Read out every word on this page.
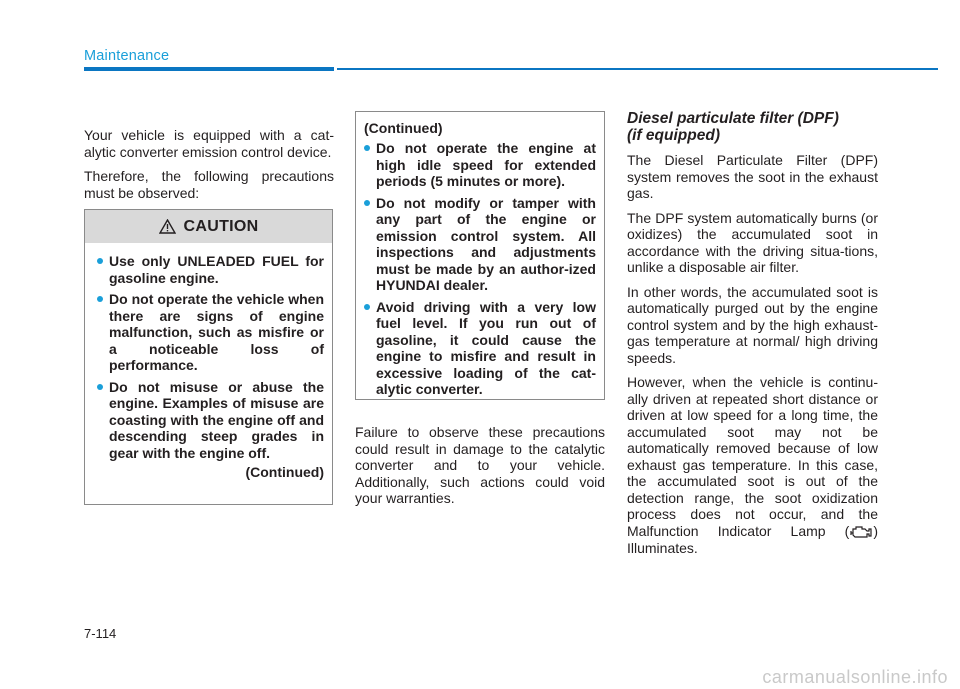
Maintenance

Your vehicle is equipped with a cat-alytic converter emission control device.

Therefore, the following precautions must be observed:

CAUTION
Use only UNLEADED FUEL for gasoline engine.
Do not operate the vehicle when there are signs of engine malfunction, such as misfire or a noticeable loss of performance.
Do not misuse or abuse the engine. Examples of misuse are coasting with the engine off and descending steep grades in gear with the engine off.
(Continued)
(Continued)
Do not operate the engine at high idle speed for extended periods (5 minutes or more).
Do not modify or tamper with any part of the engine or emission control system. All inspections and adjustments must be made by an author-ized HYUNDAI dealer.
Avoid driving with a very low fuel level. If you run out of gasoline, it could cause the engine to misfire and result in excessive loading of the cat-alytic converter.

Failure to observe these precautions could result in damage to the catalytic converter and to your vehicle. Additionally, such actions could void your warranties.

Diesel particulate filter (DPF)
(if equipped)

The Diesel Particulate Filter (DPF) system removes the soot in the exhaust gas.

The DPF system automatically burns (or oxidizes) the accumulated soot in accordance with the driving situa-tions, unlike a disposable air filter.

In other words, the accumulated soot is automatically purged out by the engine control system and by the high exhaust-gas temperature at normal/ high driving speeds.

However, when the vehicle is continu-ally driven at repeated short distance or driven at low speed for a long time, the accumulated soot may not be automatically removed because of low exhaust gas temperature. In this case, the accumulated soot is out of the detection range, the soot oxidization process does not occur, and the Malfunction Indicator Lamp ( ) Illuminates.

7-114
carmanualsonline.info
